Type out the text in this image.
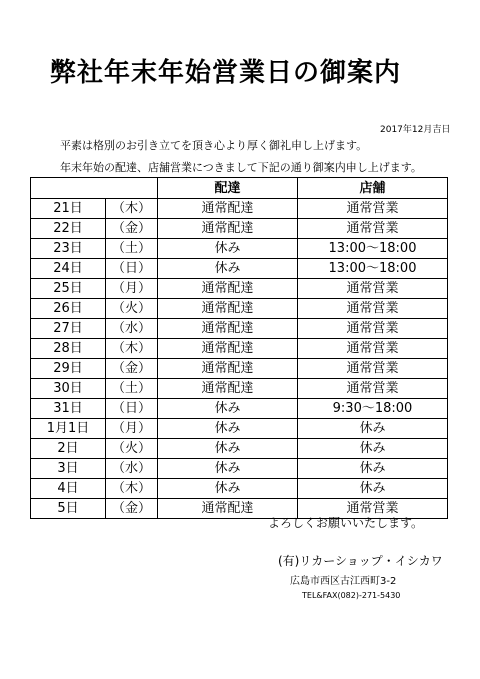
弊社年末年始営業日の御案内
2017年12月吉日
平素は格別のお引き立てを頂き心より厚く御礼申し上げます。
年末年始の配達、店舗営業につきまして下記の通り御案内申し上げます。
		配達	店舗
21日	（木）	通常配達	通常営業
22日	（金）	通常配達	通常営業
23日	（土）	休み	13:00～18:00
24日	（日）	休み	13:00～18:00
25日	（月）	通常配達	通常営業
26日	（火）	通常配達	通常営業
27日	（水）	通常配達	通常営業
28日	（木）	通常配達	通常営業
29日	（金）	通常配達	通常営業
30日	（土）	通常配達	通常営業
31日	（日）	休み	9:30～18:00
1月1日	（月）	休み	休み
2日	（火）	休み	休み
3日	（水）	休み	休み
4日	（木）	休み	休み
5日	（金）	通常配達	通常営業
よろしくお願いいたします。
(有)リカーショップ・イシカワ
広島市西区古江西町3-2
TEL&FAX(082)-271-5430
